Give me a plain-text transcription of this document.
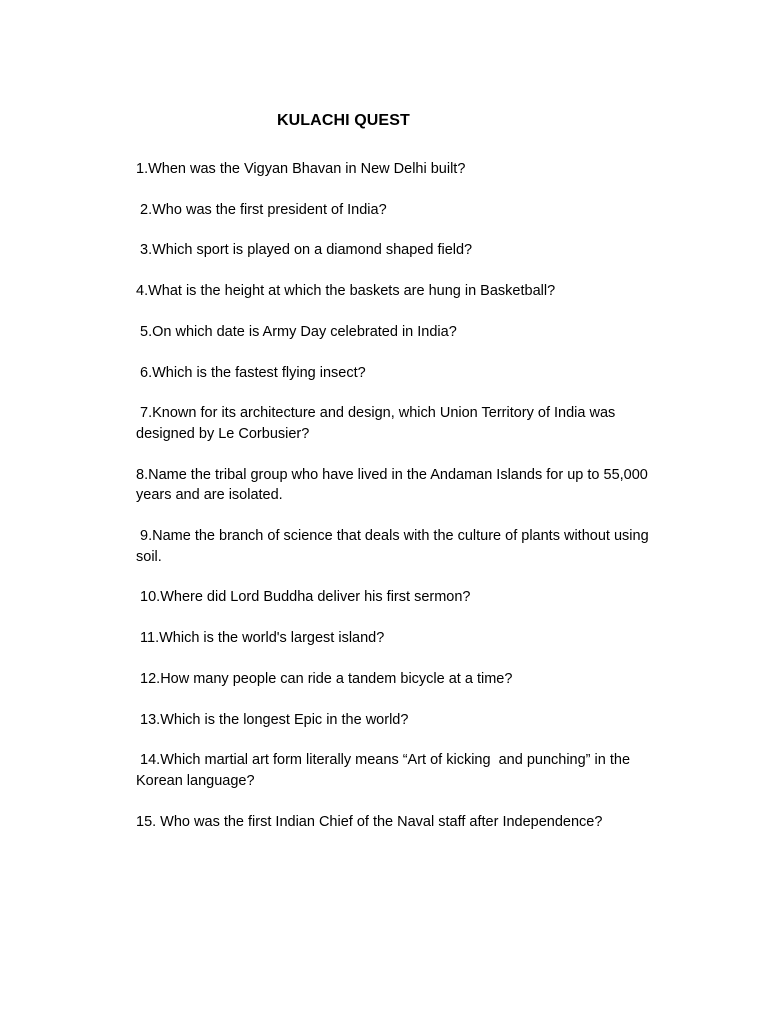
KULACHI QUEST
1.When was the Vigyan Bhavan in New Delhi built?
2.Who was the first president of India?
3.Which sport is played on a diamond shaped field?
4.What is the height at which the baskets are hung in Basketball?
5.On which date is Army Day celebrated in India?
6.Which is the fastest flying insect?
7.Known for its architecture and design, which Union Territory of India was designed by Le Corbusier?
8.Name the tribal group who have lived in the Andaman Islands for up to 55,000 years and are isolated.
9.Name the branch of science that deals with the culture of plants without using soil.
10.Where did Lord Buddha deliver his first sermon?
11.Which is the world's largest island?
12.How many people can ride a tandem bicycle at a time?
13.Which is the longest Epic in the world?
14.Which martial art form literally means “Art of kicking  and punching” in the Korean language?
15. Who was the first Indian Chief of the Naval staff after Independence?
